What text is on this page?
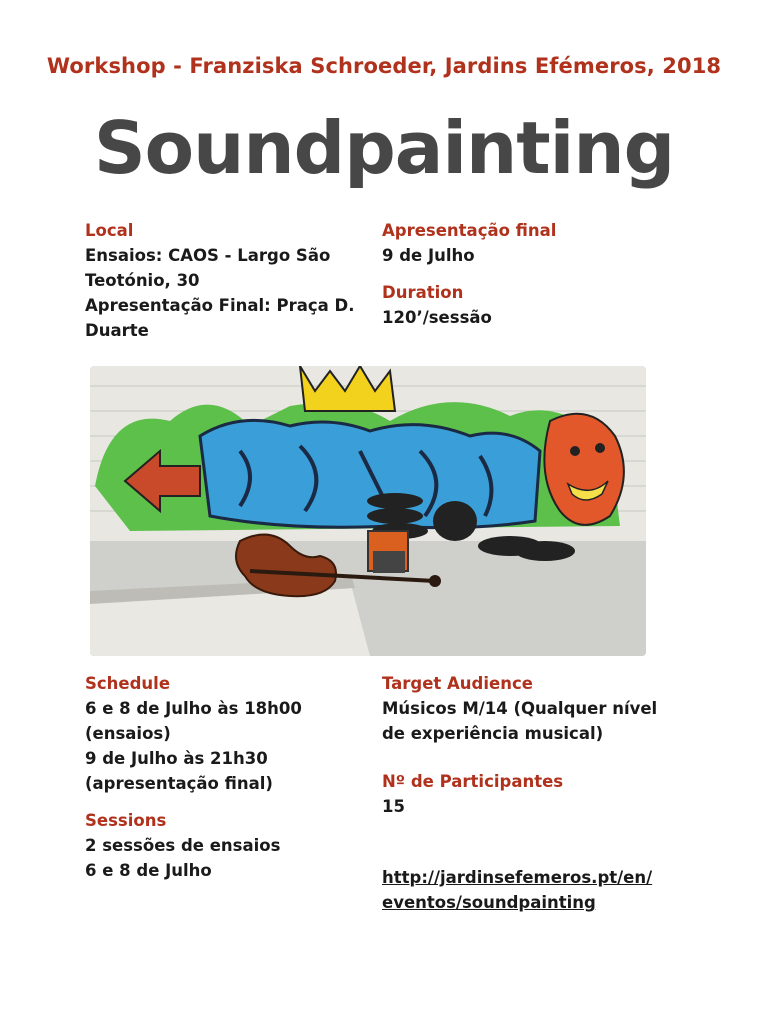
Workshop - Franziska Schroeder, Jardins Efémeros, 2018
Soundpainting
Local
Ensaios: CAOS - Largo São
Teotónio, 30
Apresentação Final: Praça D.
Duarte
Apresentação final
9 de Julho
Duration
120’/sessão
Schedule
6 e 8 de Julho às 18h00
(ensaios)
9 de Julho às 21h30
(apresentação final)
Sessions
2 sessões de ensaios
6 e 8 de Julho
Target Audience
Músicos M/14 (Qualquer nível
de experiência musical)
Nº de Participantes
15
http://jardinsefemeros.pt/en/
eventos/soundpainting
